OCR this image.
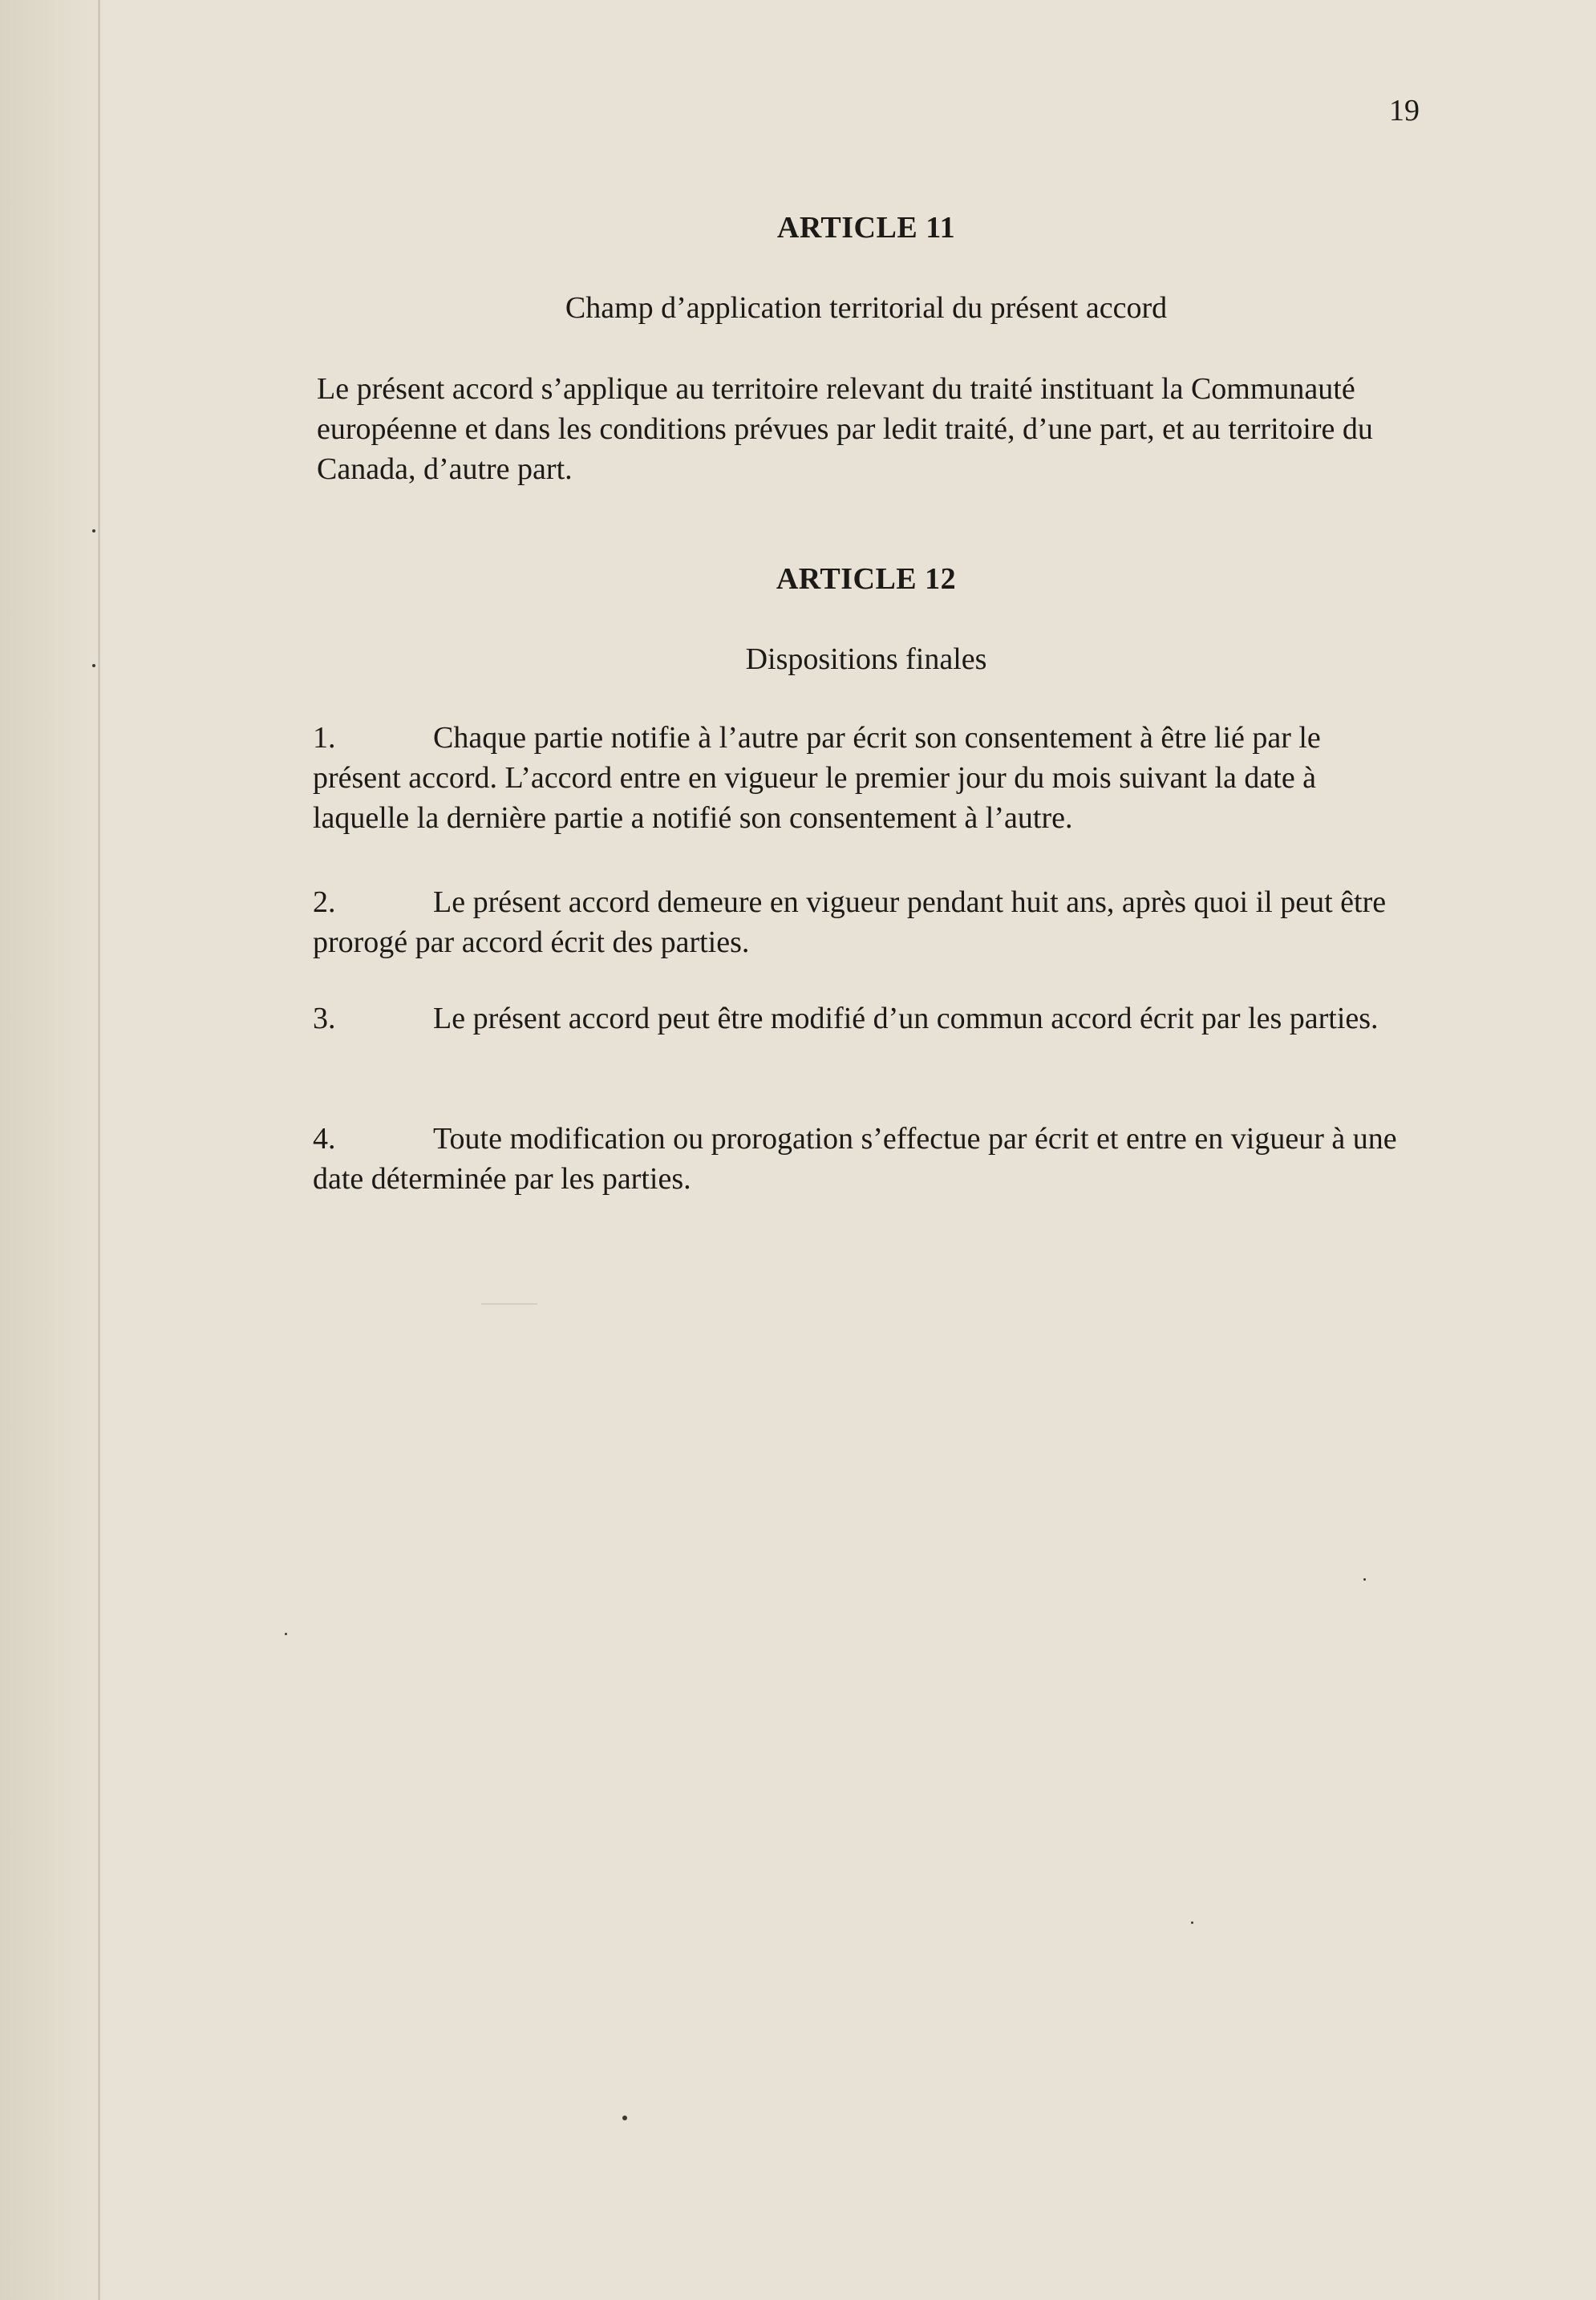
19
ARTICLE 11
Champ d’application territorial du présent accord
Le présent accord s’applique au territoire relevant du traité instituant la Communauté européenne et dans les conditions prévues par ledit traité, d’une part, et au territoire du Canada, d’autre part.
ARTICLE 12
Dispositions finales
1.	Chaque partie notifie à l’autre par écrit son consentement à être lié par le présent accord. L’accord entre en vigueur le premier jour du mois suivant la date à laquelle la dernière partie a notifié son consentement à l’autre.
2.	Le présent accord demeure en vigueur pendant huit ans, après quoi il peut être prorogé par accord écrit des parties.
3.	Le présent accord peut être modifié d’un commun accord écrit par les parties.
4.	Toute modification ou prorogation s’effectue par écrit et entre en vigueur à une date déterminée par les parties.
